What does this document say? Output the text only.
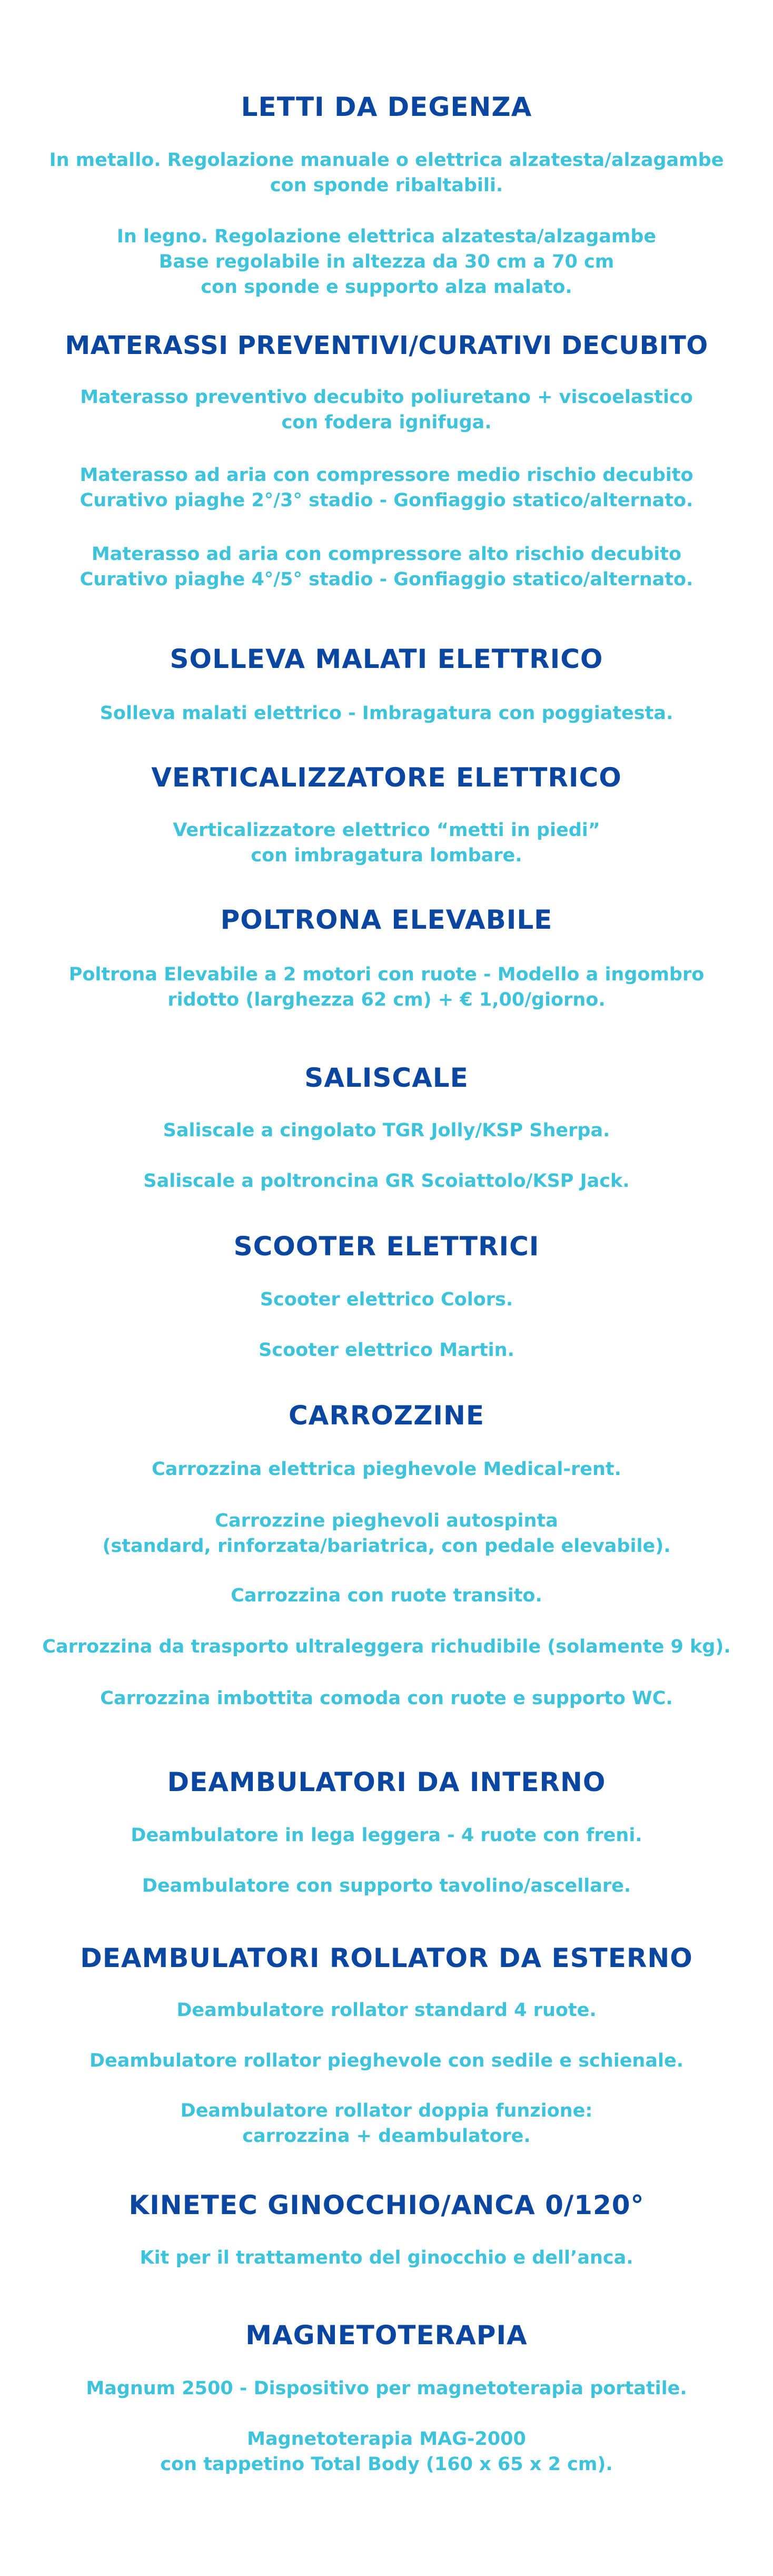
LETTI DA DEGENZA

In metallo. Regolazione manuale o elettrica alzatesta/alzagambe
con sponde ribaltabili.

In legno. Regolazione elettrica alzatesta/alzagambe
Base regolabile in altezza da 30 cm a 70 cm
con sponde e supporto alza malato.

MATERASSI PREVENTIVI/CURATIVI DECUBITO

Materasso preventivo decubito poliuretano + viscoelastico
con fodera ignifuga.

Materasso ad aria con compressore medio rischio decubito
Curativo piaghe 2°/3° stadio - Gonfiaggio statico/alternato.

Materasso ad aria con compressore alto rischio decubito
Curativo piaghe 4°/5° stadio - Gonfiaggio statico/alternato.

SOLLEVA MALATI ELETTRICO

Solleva malati elettrico - Imbragatura con poggiatesta.

VERTICALIZZATORE ELETTRICO

Verticalizzatore elettrico “metti in piedi”
con imbragatura lombare.

POLTRONA ELEVABILE

Poltrona Elevabile a 2 motori con ruote - Modello a ingombro
ridotto (larghezza 62 cm) + € 1,00/giorno.

SALISCALE

Saliscale a cingolato TGR Jolly/KSP Sherpa.

Saliscale a poltroncina GR Scoiattolo/KSP Jack.

SCOOTER ELETTRICI

Scooter elettrico Colors.

Scooter elettrico Martin.

CARROZZINE

Carrozzina elettrica pieghevole Medical-rent.

Carrozzine pieghevoli autospinta
(standard, rinforzata/bariatrica, con pedale elevabile).

Carrozzina con ruote transito.

Carrozzina da trasporto ultraleggera richudibile (solamente 9 kg).

Carrozzina imbottita comoda con ruote e supporto WC.

DEAMBULATORI DA INTERNO

Deambulatore in lega leggera - 4 ruote con freni.

Deambulatore con supporto tavolino/ascellare.

DEAMBULATORI ROLLATOR DA ESTERNO

Deambulatore rollator standard 4 ruote.

Deambulatore rollator pieghevole con sedile e schienale.

Deambulatore rollator doppia funzione:
carrozzina + deambulatore.

KINETEC GINOCCHIO/ANCA 0/120°

Kit per il trattamento del ginocchio e dell’anca.

MAGNETOTERAPIA

Magnum 2500 - Dispositivo per magnetoterapia portatile.

Magnetoterapia MAG-2000
con tappetino Total Body (160 x 65 x 2 cm).
